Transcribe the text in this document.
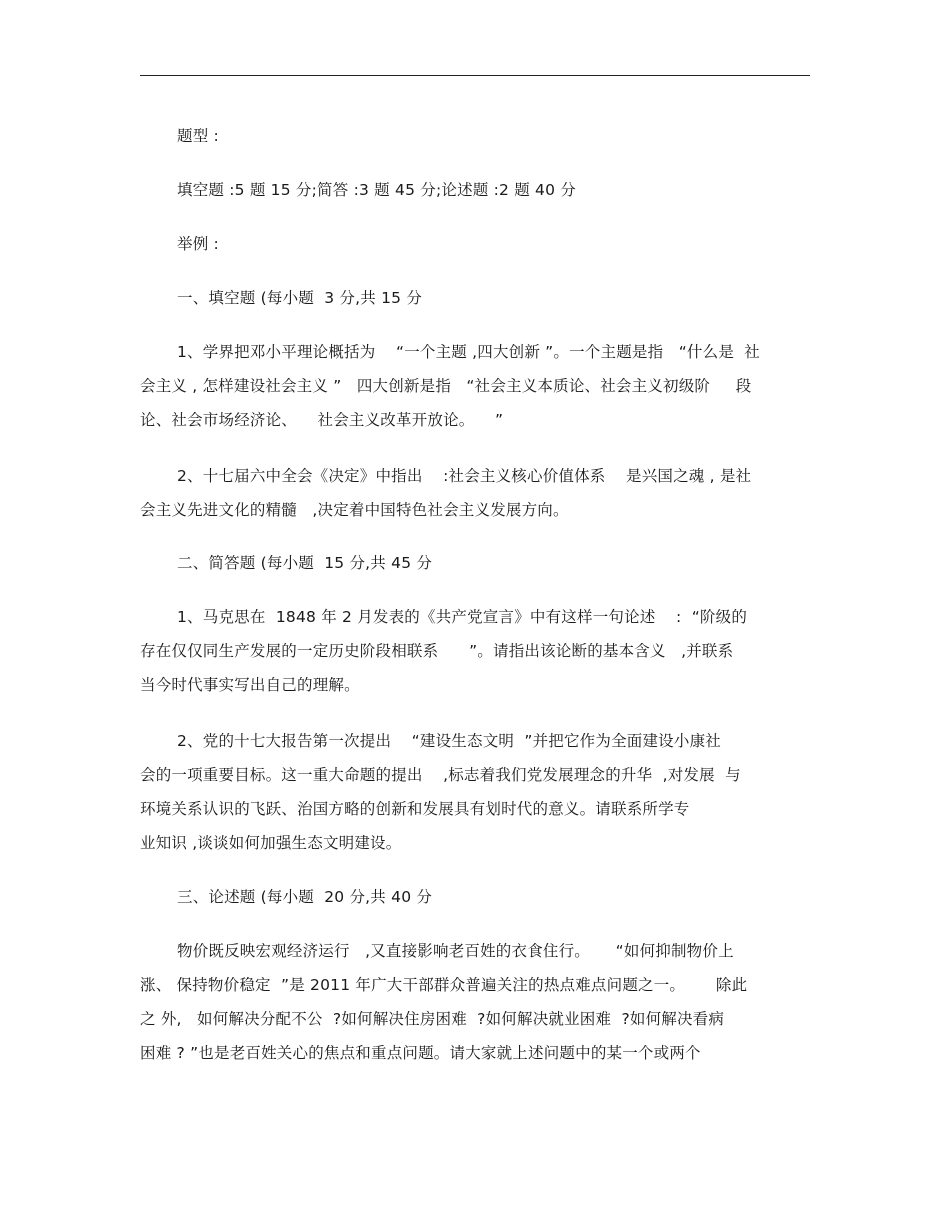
题型 :
填空题 :5 题 15 分;简答 :3 题 45 分;论述题 :2 题 40 分
举例 :
一、填空题 (每小题  3 分,共 15 分
1、学界把邓小平理论概括为    “一个主题 ,四大创新 ”。一个主题是指   “什么是  社
会主义 , 怎样建设社会主义 ”   四大创新是指   “社会主义本质论、社会主义初级阶     段
论、社会市场经济论、    社会主义改革开放论。    ”
2、十七届六中全会《决定》中指出    :社会主义核心价值体系    是兴国之魂 , 是社
会主义先进文化的精髓   ,决定着中国特色社会主义发展方向。
二、简答题 (每小题  15 分,共 45 分
1、马克思在  1848 年 2 月发表的《共产党宣言》中有这样一句论述    :  “阶级的
存在仅仅同生产发展的一定历史阶段相联系      ”。请指出该论断的基本含义   ,并联系
当今时代事实写出自己的理解。
2、党的十七大报告第一次提出    “建设生态文明  ”并把它作为全面建设小康社
会的一项重要目标。这一重大命题的提出    ,标志着我们党发展理念的升华  ,对发展  与
环境关系认识的飞跃、治国方略的创新和发展具有划时代的意义。请联系所学专
业知识 ,谈谈如何加强生态文明建设。
三、论述题 (每小题  20 分,共 40 分
物价既反映宏观经济运行   ,又直接影响老百姓的衣食住行。     “如何抑制物价上
涨、 保持物价稳定  ”是 2011 年广大干部群众普遍关注的热点难点问题之一。      除此
之 外,   如何解决分配不公  ?如何解决住房困难  ?如何解决就业困难  ?如何解决看病
困难 ? ”也是老百姓关心的焦点和重点问题。请大家就上述问题中的某一个或两个
